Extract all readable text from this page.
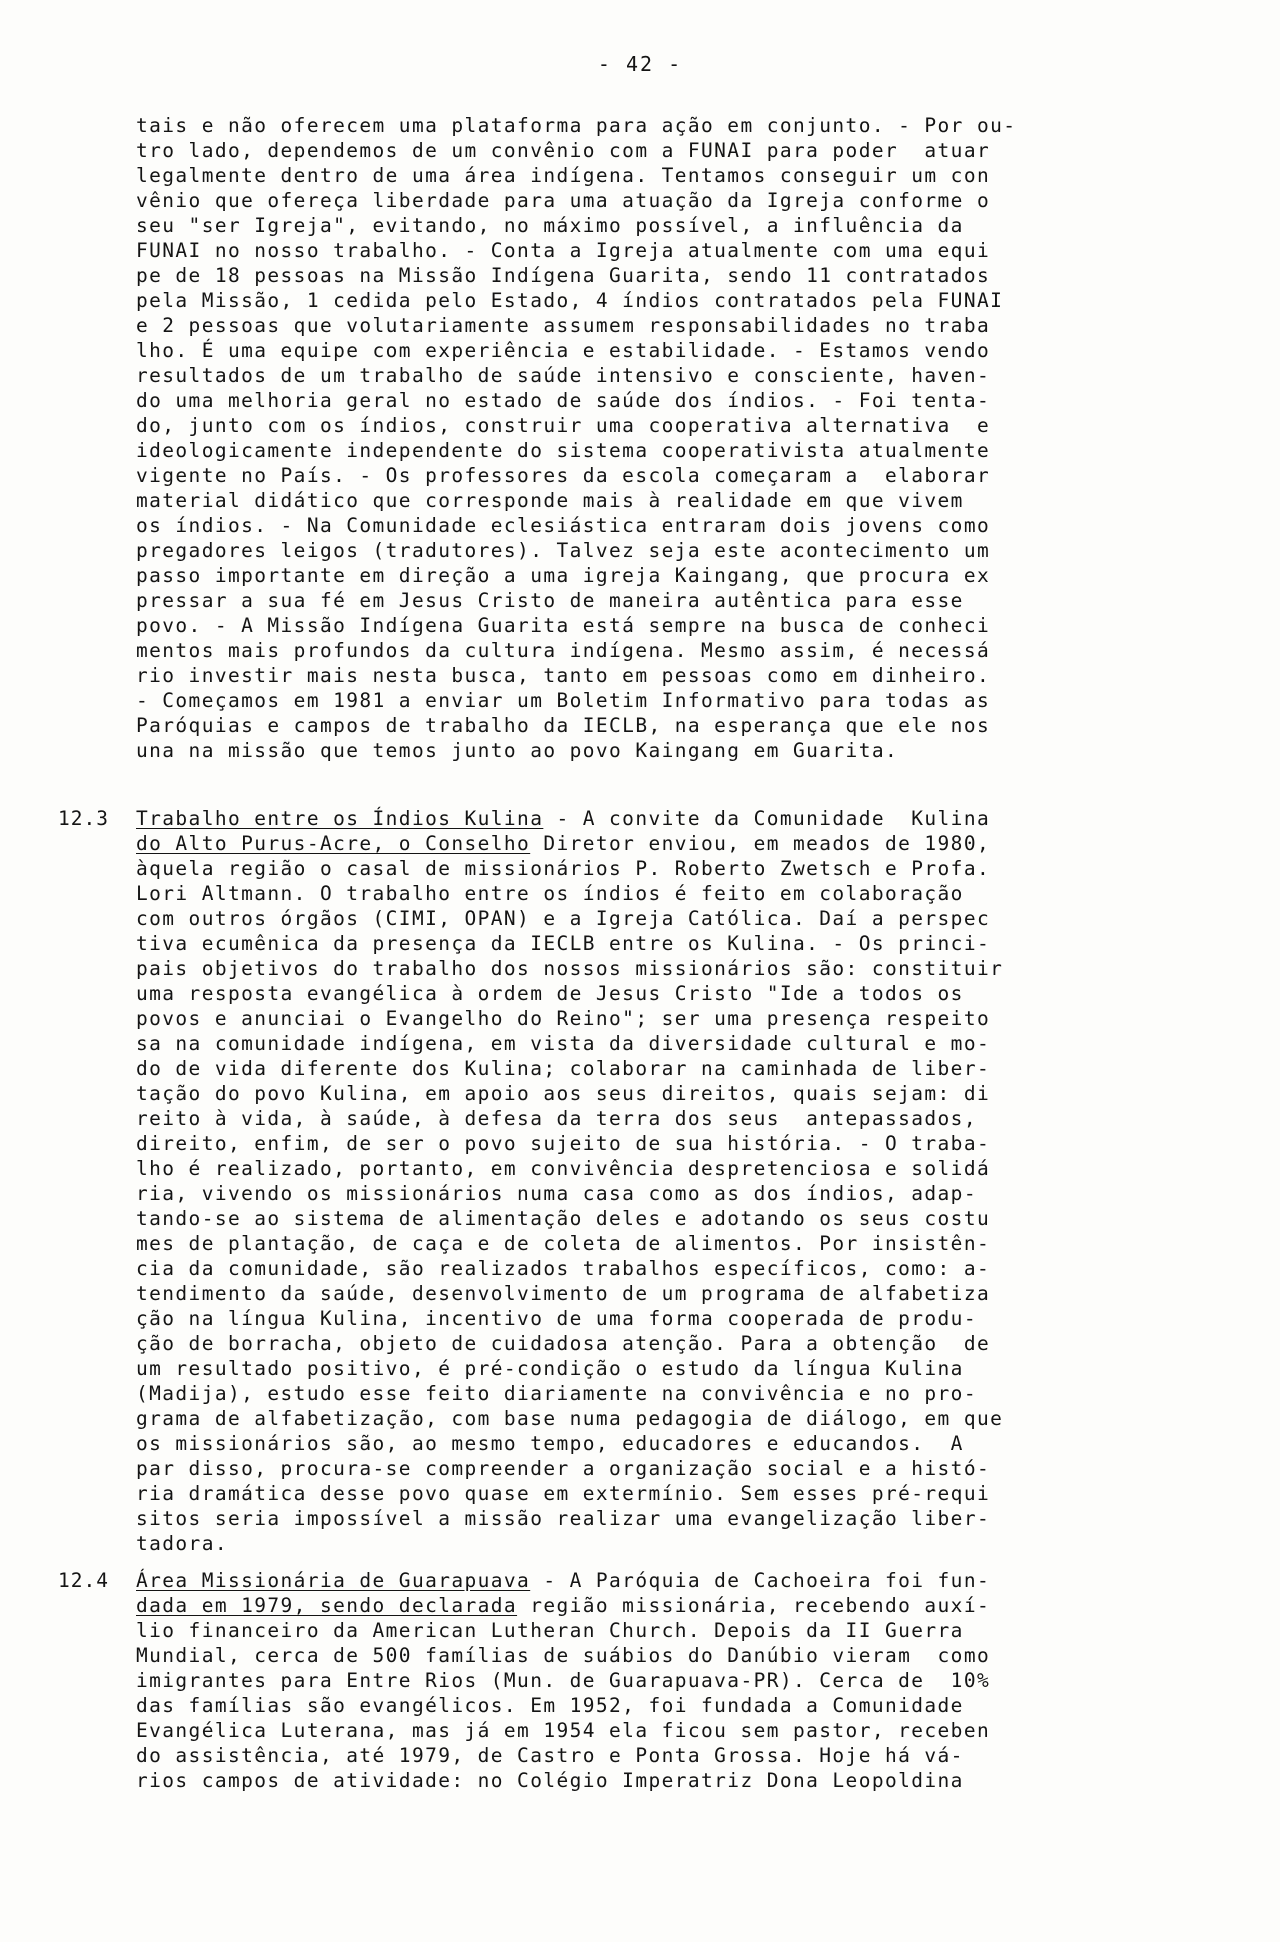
- 42 -
tais e não oferecem uma plataforma para ação em conjunto. - Por ou-
tro lado, dependemos de um convênio com a FUNAI para poder  atuar
legalmente dentro de uma área indígena. Tentamos conseguir um con
vênio que ofereça liberdade para uma atuação da Igreja conforme o
seu "ser Igreja", evitando, no máximo possível, a influência da
FUNAI no nosso trabalho. - Conta a Igreja atualmente com uma equi
pe de 18 pessoas na Missão Indígena Guarita, sendo 11 contratados
pela Missão, 1 cedida pelo Estado, 4 índios contratados pela FUNAI
e 2 pessoas que volutariamente assumem responsabilidades no traba
lho. É uma equipe com experiência e estabilidade. - Estamos vendo
resultados de um trabalho de saúde intensivo e consciente, haven-
do uma melhoria geral no estado de saúde dos índios. - Foi tenta-
do, junto com os índios, construir uma cooperativa alternativa  e
ideologicamente independente do sistema cooperativista atualmente
vigente no País. - Os professores da escola começaram a  elaborar
material didático que corresponde mais à realidade em que vivem
os índios. - Na Comunidade eclesiástica entraram dois jovens como
pregadores leigos (tradutores). Talvez seja este acontecimento um
passo importante em direção a uma igreja Kaingang, que procura ex
pressar a sua fé em Jesus Cristo de maneira autêntica para esse
povo. - A Missão Indígena Guarita está sempre na busca de conheci
mentos mais profundos da cultura indígena. Mesmo assim, é necessá
rio investir mais nesta busca, tanto em pessoas como em dinheiro.
- Começamos em 1981 a enviar um Boletim Informativo para todas as
Paróquias e campos de trabalho da IECLB, na esperança que ele nos
una na missão que temos junto ao povo Kaingang em Guarita.
12.3 Trabalho entre os Índios Kulina - A convite da Comunidade  Kulina
do Alto Purus-Acre, o Conselho Diretor enviou, em meados de 1980,
àquela região o casal de missionários P. Roberto Zwetsch e Profa.
Lori Altmann. O trabalho entre os índios é feito em colaboração
com outros órgãos (CIMI, OPAN) e a Igreja Católica. Daí a perspec
tiva ecumênica da presença da IECLB entre os Kulina. - Os princi-
pais objetivos do trabalho dos nossos missionários são: constituir
uma resposta evangélica à ordem de Jesus Cristo "Ide a todos os
povos e anunciai o Evangelho do Reino"; ser uma presença respeito
sa na comunidade indígena, em vista da diversidade cultural e mo-
do de vida diferente dos Kulina; colaborar na caminhada de liber-
tação do povo Kulina, em apoio aos seus direitos, quais sejam: di
reito à vida, à saúde, à defesa da terra dos seus  antepassados,
direito, enfim, de ser o povo sujeito de sua história. - O traba-
lho é realizado, portanto, em convivência despretenciosa e solidá
ria, vivendo os missionários numa casa como as dos índios, adap-
tando-se ao sistema de alimentação deles e adotando os seus costu
mes de plantação, de caça e de coleta de alimentos. Por insistên-
cia da comunidade, são realizados trabalhos específicos, como: a-
tendimento da saúde, desenvolvimento de um programa de alfabetiza
ção na língua Kulina, incentivo de uma forma cooperada de produ-
ção de borracha, objeto de cuidadosa atenção. Para a obtenção  de
um resultado positivo, é pré-condição o estudo da língua Kulina
(Madija), estudo esse feito diariamente na convivência e no pro-
grama de alfabetização, com base numa pedagogia de diálogo, em que
os missionários são, ao mesmo tempo, educadores e educandos.  A
par disso, procura-se compreender a organização social e a histó-
ria dramática desse povo quase em extermínio. Sem esses pré-requi
sitos seria impossível a missão realizar uma evangelização liber-
tadora.
12.4 Área Missionária de Guarapuava - A Paróquia de Cachoeira foi fun-
dada em 1979, sendo declarada região missionária, recebendo auxí-
lio financeiro da American Lutheran Church. Depois da II Guerra
Mundial, cerca de 500 famílias de suábios do Danúbio vieram  como
imigrantes para Entre Rios (Mun. de Guarapuava-PR). Cerca de  10%
das famílias são evangélicos. Em 1952, foi fundada a Comunidade
Evangélica Luterana, mas já em 1954 ela ficou sem pastor, receben
do assistência, até 1979, de Castro e Ponta Grossa. Hoje há vá-
rios campos de atividade: no Colégio Imperatriz Dona Leopoldina
